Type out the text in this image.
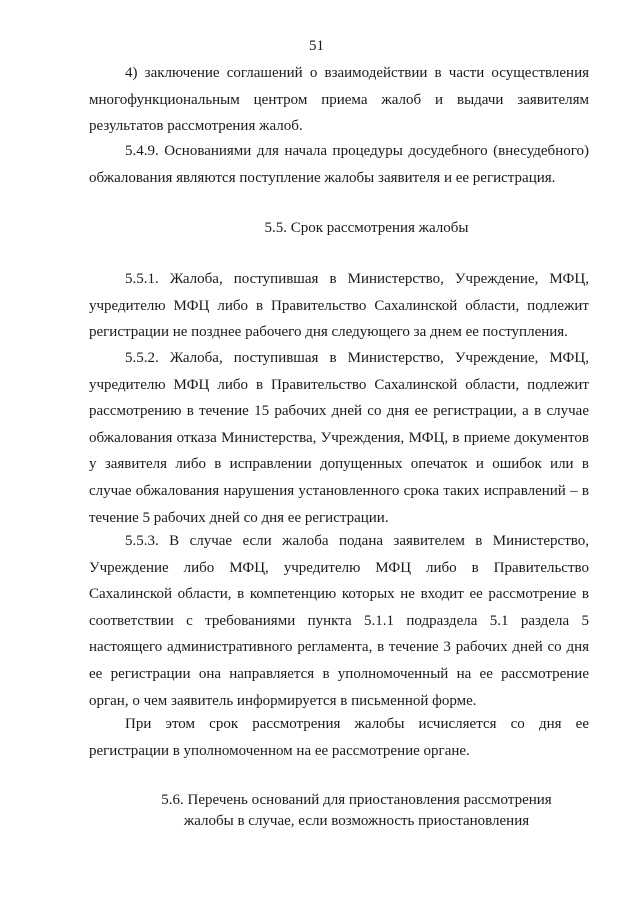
51
4) заключение соглашений о взаимодействии в части осуществления
многофункциональным центром приема жалоб и выдачи заявителям
результатов рассмотрения жалоб.
5.4.9. Основаниями для начала процедуры досудебного (внесудебного)
обжалования являются поступление жалобы заявителя и ее регистрация.
5.5. Срок рассмотрения жалобы
5.5.1. Жалоба, поступившая в Министерство, Учреждение, МФЦ,
учредителю МФЦ либо в Правительство Сахалинской области, подлежит
регистрации не позднее рабочего дня следующего за днем ее поступления.
5.5.2. Жалоба, поступившая в Министерство, Учреждение, МФЦ,
учредителю МФЦ либо в Правительство Сахалинской области, подлежит
рассмотрению в течение 15 рабочих дней со дня ее регистрации, а в случае
обжалования отказа Министерства, Учреждения, МФЦ, в приеме документов
у заявителя либо в исправлении допущенных опечаток и ошибок или в
случае обжалования нарушения установленного срока таких исправлений – в
течение 5 рабочих дней со дня ее регистрации.
5.5.3. В случае если жалоба подана заявителем в Министерство,
Учреждение либо МФЦ, учредителю МФЦ либо в Правительство
Сахалинской области, в компетенцию которых не входит ее рассмотрение в
соответствии с требованиями пункта 5.1.1 подраздела 5.1 раздела 5
настоящего административного регламента, в течение 3 рабочих дней со дня
ее регистрации она направляется в уполномоченный на ее рассмотрение
орган, о чем заявитель информируется в письменной форме.
При этом срок рассмотрения жалобы исчисляется со дня ее
регистрации в уполномоченном на ее рассмотрение органе.
5.6. Перечень оснований для приостановления рассмотрения
жалобы в случае, если возможность приостановления
